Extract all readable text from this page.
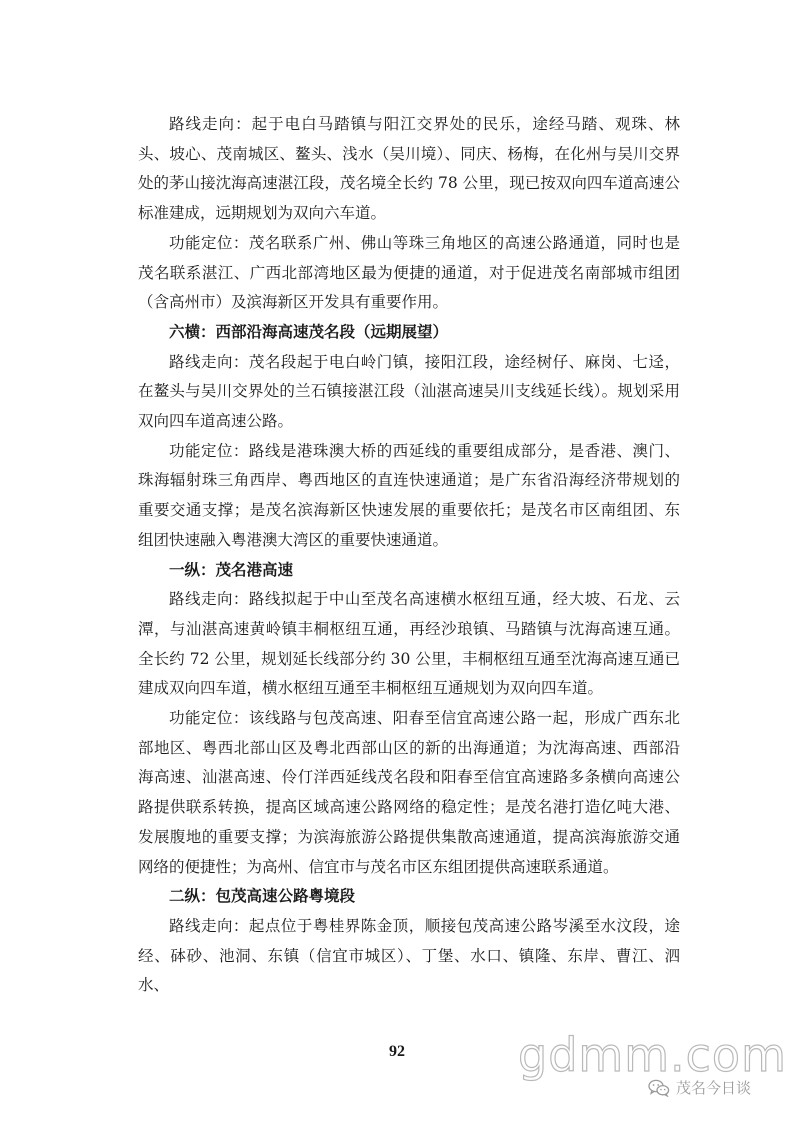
路线走向：起于电白马踏镇与阳江交界处的民乐，途经马踏、观珠、林头、坡心、茂南城区、鳌头、浅水（吴川境）、同庆、杨梅，在化州与吴川交界处的茅山接沈海高速湛江段，茂名境全长约 78 公里，现已按双向四车道高速公标准建成，远期规划为双向六车道。

功能定位：茂名联系广州、佛山等珠三角地区的高速公路通道，同时也是茂名联系湛江、广西北部湾地区最为便捷的通道，对于促进茂名南部城市组团（含高州市）及滨海新区开发具有重要作用。

六横：西部沿海高速茂名段（远期展望）

路线走向：茂名段起于电白岭门镇，接阳江段，途经树仔、麻岗、七迳，在鳌头与吴川交界处的兰石镇接湛江段（汕湛高速吴川支线延长线）。规划采用双向四车道高速公路。

功能定位：路线是港珠澳大桥的西延线的重要组成部分，是香港、澳门、珠海辐射珠三角西岸、粤西地区的直连快速通道；是广东省沿海经济带规划的重要交通支撑；是茂名滨海新区快速发展的重要依托；是茂名市区南组团、东组团快速融入粤港澳大湾区的重要快速通道。

一纵：茂名港高速

路线走向：路线拟起于中山至茂名高速横水枢纽互通，经大坡、石龙、云潭，与汕湛高速黄岭镇丰桐枢纽互通，再经沙琅镇、马踏镇与沈海高速互通。全长约 72 公里，规划延长线部分约 30 公里，丰桐枢纽互通至沈海高速互通已建成双向四车道，横水枢纽互通至丰桐枢纽互通规划为双向四车道。

功能定位：该线路与包茂高速、阳春至信宜高速公路一起，形成广西东北部地区、粤西北部山区及粤北西部山区的新的出海通道；为沈海高速、西部沿海高速、汕湛高速、伶仃洋西延线茂名段和阳春至信宜高速路多条横向高速公路提供联系转换，提高区域高速公路网络的稳定性；是茂名港打造亿吨大港、发展腹地的重要支撑；为滨海旅游公路提供集散高速通道，提高滨海旅游交通网络的便捷性；为高州、信宜市与茂名市区东组团提供高速联系通道。

二纵：包茂高速公路粤境段

路线走向：起点位于粤桂界陈金顶，顺接包茂高速公路岑溪至水汶段，途经、砵砂、池洞、东镇（信宜市城区）、丁堡、水口、镇隆、东岸、曹江、泗水、

92	gdmm.com
茂名今日谈
